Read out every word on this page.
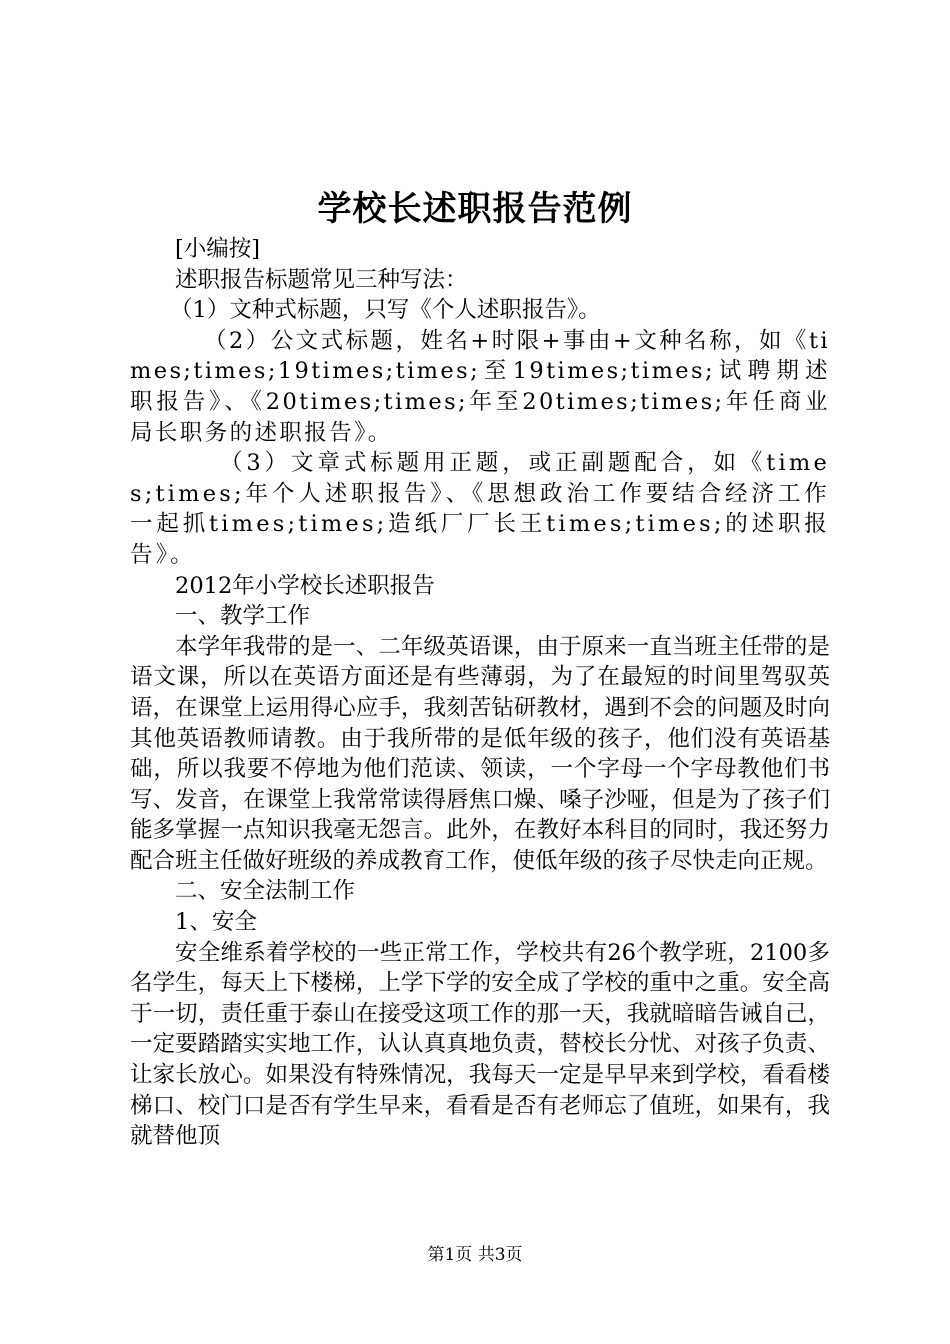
学校长述职报告范例

[小编按]

述职报告标题常见三种写法：

（1）文种式标题，只写《个人述职报告》。

（2）公文式标题，姓名+时限+事由+文种名称，如《times;times;19times;times;至19times;times;试聘期述职报告》、《20times;times;年至20times;times;年任商业局长职务的述职报告》。

（3）文章式标题用正题，或正副题配合，如《times;times;年个人述职报告》、《思想政治工作要结合经济工作一起抓times;times;造纸厂厂长王times;times;的述职报告》。

2012年小学校长述职报告

一、教学工作

本学年我带的是一、二年级英语课，由于原来一直当班主任带的是语文课，所以在英语方面还是有些薄弱，为了在最短的时间里驾驭英语，在课堂上运用得心应手，我刻苦钻研教材，遇到不会的问题及时向其他英语教师请教。由于我所带的是低年级的孩子，他们没有英语基础，所以我要不停地为他们范读、领读，一个字母一个字母教他们书写、发音，在课堂上我常常读得唇焦口燥、嗓子沙哑，但是为了孩子们能多掌握一点知识我毫无怨言。此外，在教好本科目的同时，我还努力配合班主任做好班级的养成教育工作，使低年级的孩子尽快走向正规。

二、安全法制工作

1、安全

安全维系着学校的一些正常工作，学校共有26个教学班，2100多名学生，每天上下楼梯，上学下学的安全成了学校的重中之重。安全高于一切，责任重于泰山在接受这项工作的那一天，我就暗暗告诫自己，一定要踏踏实实地工作，认认真真地负责，替校长分忧、对孩子负责、让家长放心。如果没有特殊情况，我每天一定是早早来到学校，看看楼梯口、校门口是否有学生早来，看看是否有老师忘了值班，如果有，我就替他顶

第1页 共3页
